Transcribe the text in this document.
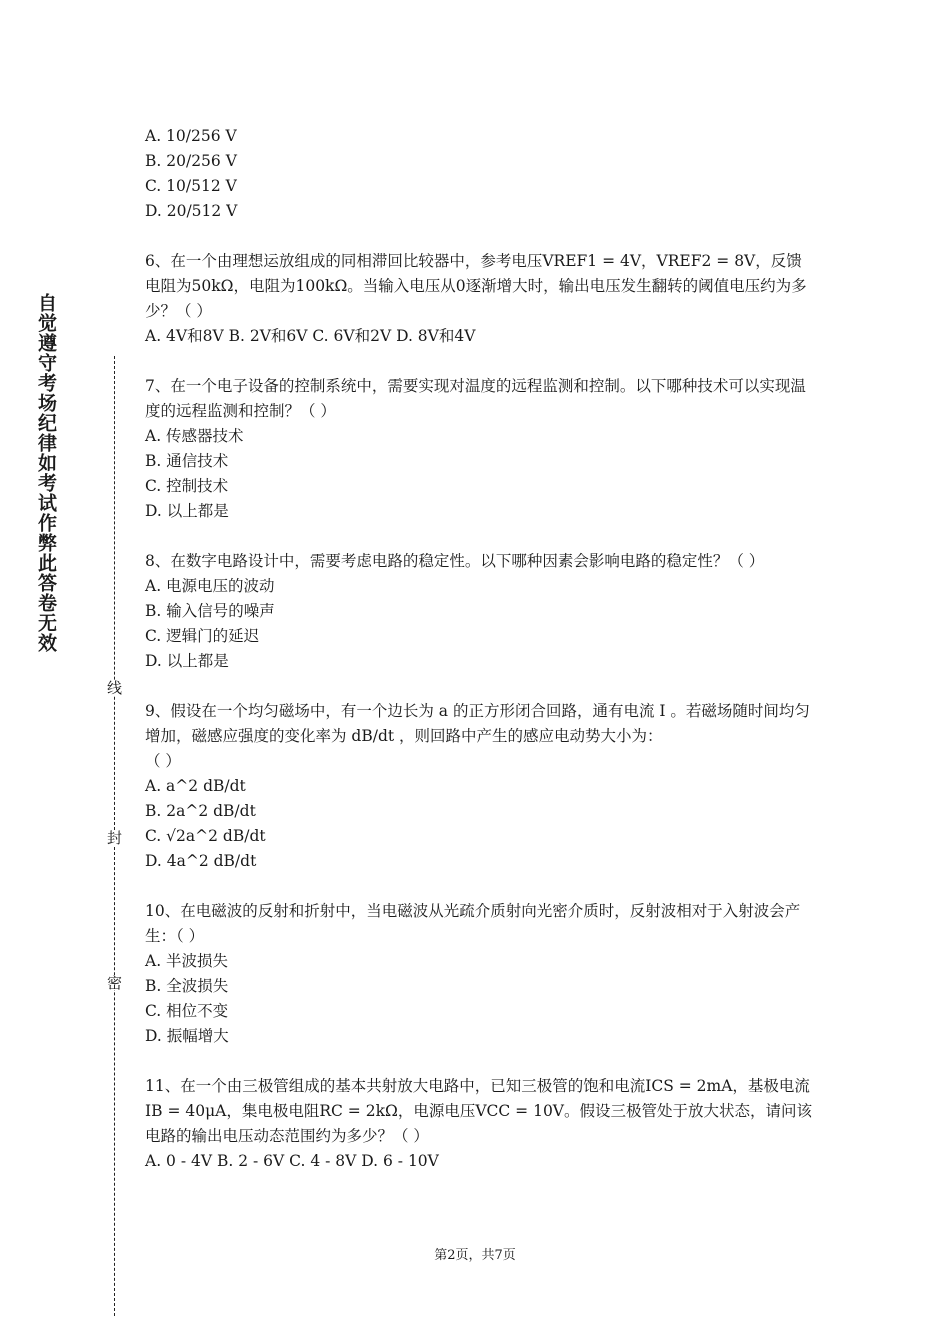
自觉遵守考场纪律如考试作弊此答卷无效
线
封
密

A. 10/256 V

B. 20/256 V

C. 10/512 V

D. 20/512 V

6、在一个由理想运放组成的同相滞回比较器中，参考电压VREF1 = 4V，VREF2 = 8V，反馈电阻为50kΩ，电阻为100kΩ。当输入电压从0逐渐增大时，输出电压发生翻转的阈值电压约为多少？（ ）

A. 4V和8V B. 2V和6V C. 6V和2V D. 8V和4V

7、在一个电子设备的控制系统中，需要实现对温度的远程监测和控制。以下哪种技术可以实现温度的远程监测和控制？（ ）

A. 传感器技术

B. 通信技术

C. 控制技术

D. 以上都是

8、在数字电路设计中，需要考虑电路的稳定性。以下哪种因素会影响电路的稳定性？（ ）

A. 电源电压的波动

B. 输入信号的噪声

C. 逻辑门的延迟

D. 以上都是

9、假设在一个均匀磁场中，有一个边长为 a 的正方形闭合回路，通有电流 I 。若磁场随时间均匀增加，磁感应强度的变化率为 dB/dt ，则回路中产生的感应电动势大小为：

（ ）

A. a^2 dB/dt

B. 2a^2 dB/dt

C. √2a^2 dB/dt

D. 4a^2 dB/dt

10、在电磁波的反射和折射中，当电磁波从光疏介质射向光密介质时，反射波相对于入射波会产生：（ ）

A. 半波损失

B. 全波损失

C. 相位不变

D. 振幅增大

11、在一个由三极管组成的基本共射放大电路中，已知三极管的饱和电流ICS = 2mA，基极电流IB = 40μA，集电极电阻RC = 2kΩ，电源电压VCC = 10V。假设三极管处于放大状态，请问该电路的输出电压动态范围约为多少？（ ）

A. 0 - 4V B. 2 - 6V C. 4 - 8V D. 6 - 10V

第2页，共7页
